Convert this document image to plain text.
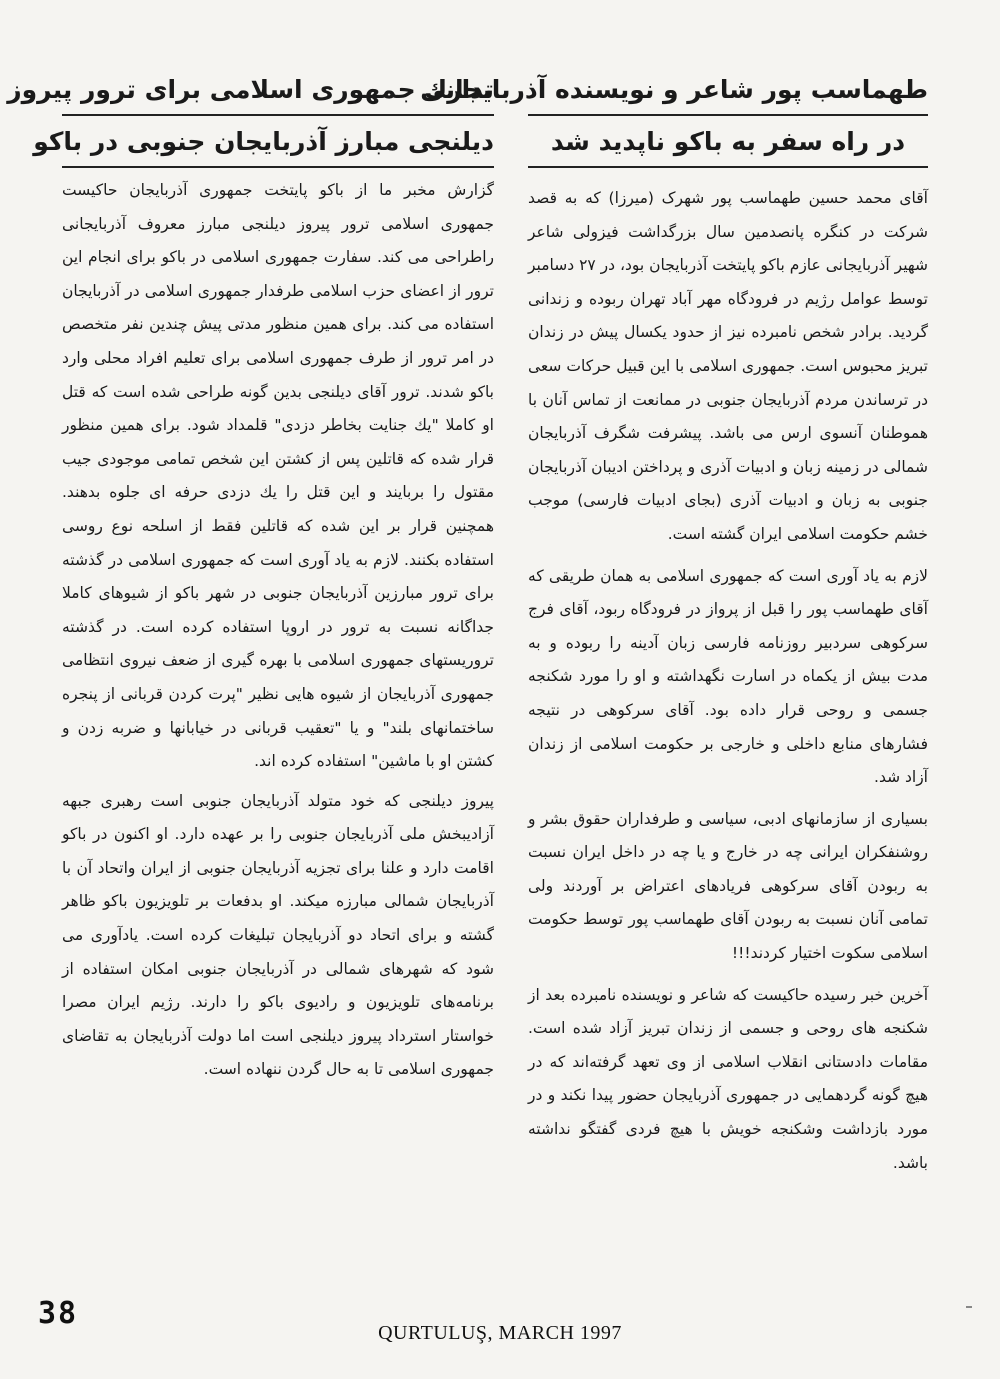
طهماسب پور شاعر و نویسنده آذربایجانی
در راه سفر به باکو ناپدید شد

آقای محمد حسین طهماسب پور شهرک (میرزا) که به قصد شرکت در کنگره پانصدمین سال بزرگداشت فیزولی شاعر شهیر آذربایجانی عازم باکو پایتخت آذربایجان بود، در ۲۷ دسامبر توسط عوامل رژیم در فرودگاه مهر آباد تهران ربوده و زندانی گردید. برادر شخص نامبرده نیز از حدود یکسال پیش در زندان تبریز محبوس است. جمهوری اسلامی با این قبیل حرکات سعی در ترساندن مردم آذربایجان جنوبی در ممانعت از تماس آنان با هموطنان آنسوی ارس می باشد. پیشرفت شگرف آذربایجان شمالی در زمینه زبان و ادبیات آذری و پرداختن ادیبان آذربایجان جنوبی به زبان و ادبیات آذری (بجای ادبیات فارسی) موجب خشم حکومت اسلامی ایران گشته است.

لازم به یاد آوری است که جمهوری اسلامی به همان طریقی که آقای طهماسب پور را قبل از پرواز در فرودگاه ربود، آقای فرج سرکوهی سردبیر روزنامه فارسی زبان آدینه را ربوده و به مدت بیش از یکماه در اسارت نگهداشته و او را مورد شکنجه جسمی و روحی قرار داده بود. آقای سرکوهی در نتیجه فشارهای منابع داخلی و خارجی بر حکومت اسلامی از زندان آزاد شد.

بسیاری از سازمانهای ادبی، سیاسی و طرفداران حقوق بشر و روشنفکران ایرانی چه در خارج و یا چه در داخل ایران نسبت به ربودن آقای سرکوهی فریادهای اعتراض بر آوردند ولی تمامی آنان نسبت به ربودن آقای طهماسب پور توسط حکومت اسلامی سکوت اختیار کردند!!!

آخرین خبر رسیده حاکیست که شاعر و نویسنده نامبرده بعد از شکنجه های روحی و جسمی از زندان تبریز آزاد شده است. مقامات دادستانی انقلاب اسلامی از وی تعهد گرفته‌اند که در هیچ گونه گردهمایی در جمهوری آذربایجان حضور پیدا نکند و در مورد بازداشت وشکنجه خویش با هیچ فردی گفتگو نداشته باشد.

تدارك جمهوری اسلامی برای ترور پیروز
دیلنجی مبارز آذربایجان جنوبی در باكو

گزارش مخبر ما از باکو پایتخت جمهوری آذربایجان حاکیست جمهوری اسلامی ترور پیروز دیلنجی مبارز معروف آذربایجانی راطراحی می کند. سفارت جمهوری اسلامی در باکو برای انجام این ترور از اعضای حزب اسلامی طرفدار جمهوری اسلامی در آذربایجان استفاده می کند. برای همین منظور مدتی پیش چندین نفر متخصص در امر ترور از طرف جمهوری اسلامی برای تعلیم افراد محلی وارد باکو شدند. ترور آقای دیلنجی بدین گونه طراحی شده است که قتل او کاملا "یك جنایت بخاطر دزدی" قلمداد شود. برای همین منظور قرار شده که قاتلین پس از کشتن این شخص تمامی موجودی جیب مقتول را بربایند و این قتل را یك دزدی حرفه ای جلوه بدهند. همچنین قرار بر این شده که قاتلین فقط از اسلحه نوع روسی استفاده بکنند. لازم به یاد آوری است که جمهوری اسلامی در گذشته برای ترور مبارزین آذربایجان جنوبی در شهر باکو از شیوهای کاملا جداگانه نسبت به ترور در اروپا استفاده کرده است. در گذشته تروریستهای جمهوری اسلامی با بهره گیری از ضعف نیروی انتظامی جمهوری آذربایجان از شیوه هایی نظیر "پرت کردن قربانی از پنجره ساختمانهای بلند" و یا "تعقیب قربانی در خیابانها و ضربه زدن و کشتن او با ماشین" استفاده کرده اند.

پیروز دیلنجی که خود متولد آذربایجان جنوبی است رهبری جبهه آزادیبخش ملی آذربایجان جنوبی را بر عهده دارد. او اکنون در باکو اقامت دارد و علنا برای تجزیه آذربایجان جنوبی از ایران واتحاد آن با آذربایجان شمالی مبارزه میکند. او بدفعات بر تلویزیون باکو ظاهر گشته و برای اتحاد دو آذربایجان تبلیغات کرده است. یادآوری می شود که شهرهای شمالی در آذربایجان جنوبی امکان استفاده از برنامه‌های تلویزیون و رادیوی باکو را دارند. رژیم ایران مصرا خواستار استرداد پیروز دیلنجی است اما دولت آذربایجان به تقاضای جمهوری اسلامی تا به حال گردن ننهاده است.

38
QURTULUŞ, MARCH 1997
